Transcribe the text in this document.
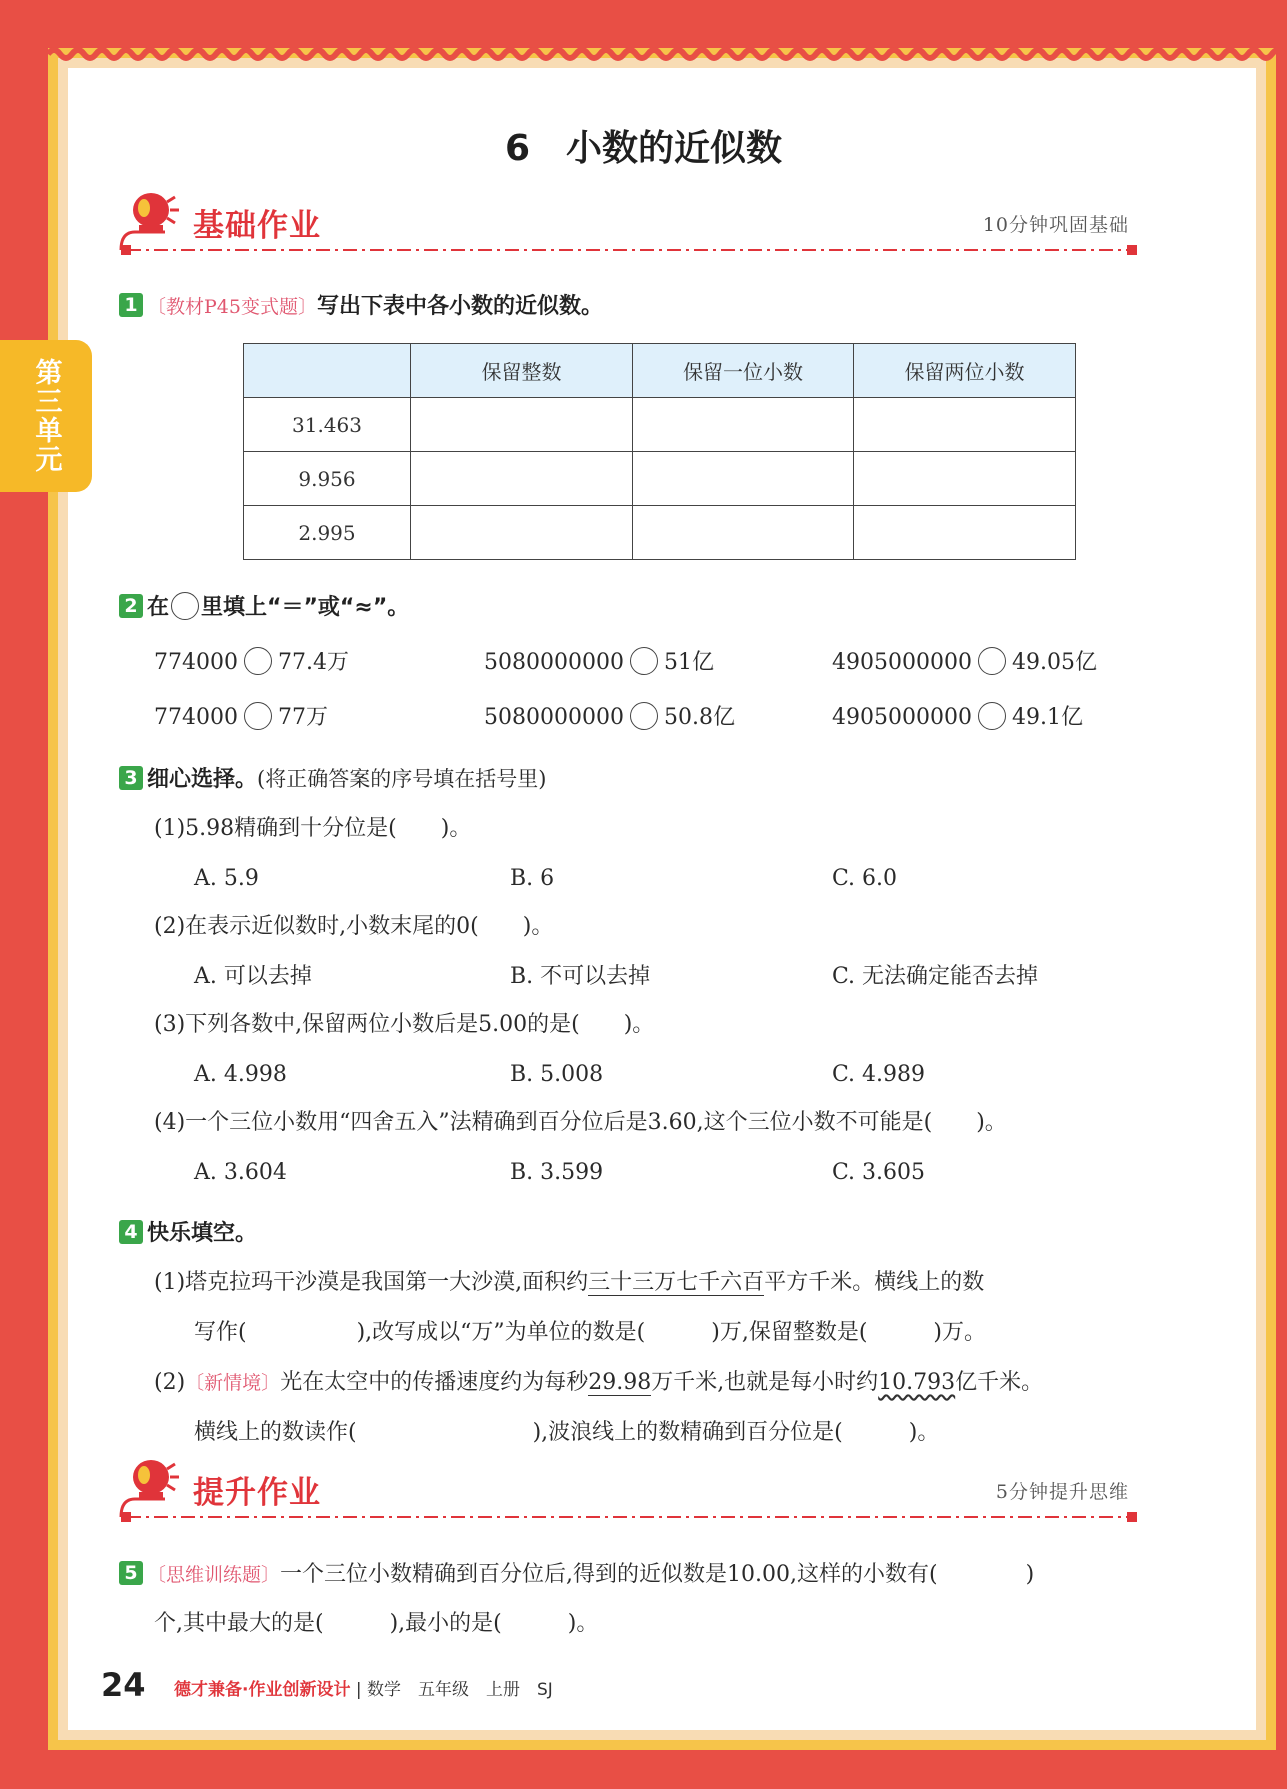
第三单元
6　小数的近似数
基础作业	10分钟巩固基础
1 〔教材P45变式题〕写出下表中各小数的近似数。
	保留整数	保留一位小数	保留两位小数
31.463			
9.956			
2.995			
2 在 里填上“＝”或“≈”。
774000 77.4万	5080000000 51亿	4905000000 49.05亿
774000 77万	5080000000 50.8亿	4905000000 49.1亿
3 细心选择。(将正确答案的序号填在括号里)
(1)5.98精确到十分位是(　　)。
A. 5.9	B. 6	C. 6.0
(2)在表示近似数时,小数末尾的0(　　)。
A. 可以去掉	B. 不可以去掉	C. 无法确定能否去掉
(3)下列各数中,保留两位小数后是5.00的是(　　)。
A. 4.998	B. 5.008	C. 4.989
(4)一个三位小数用“四舍五入”法精确到百分位后是3.60,这个三位小数不可能是(　　)。
A. 3.604	B. 3.599	C. 3.605
4 快乐填空。
(1)塔克拉玛干沙漠是我国第一大沙漠,面积约三十三万七千六百平方千米。横线上的数
写作(　　　　　),改写成以“万”为单位的数是(　　　)万,保留整数是(　　　)万。
(2)〔新情境〕光在太空中的传播速度约为每秒29.98万千米,也就是每小时约10.793亿千米。
横线上的数读作(　　　　　　　　),波浪线上的数精确到百分位是(　　　)。
提升作业	5分钟提升思维
5 〔思维训练题〕一个三位小数精确到百分位后,得到的近似数是10.00,这样的小数有(　　　　)
个,其中最大的是(　　　),最小的是(　　　)。
24 德才兼备·作业创新设计 | 数学　五年级　上册　SJ
